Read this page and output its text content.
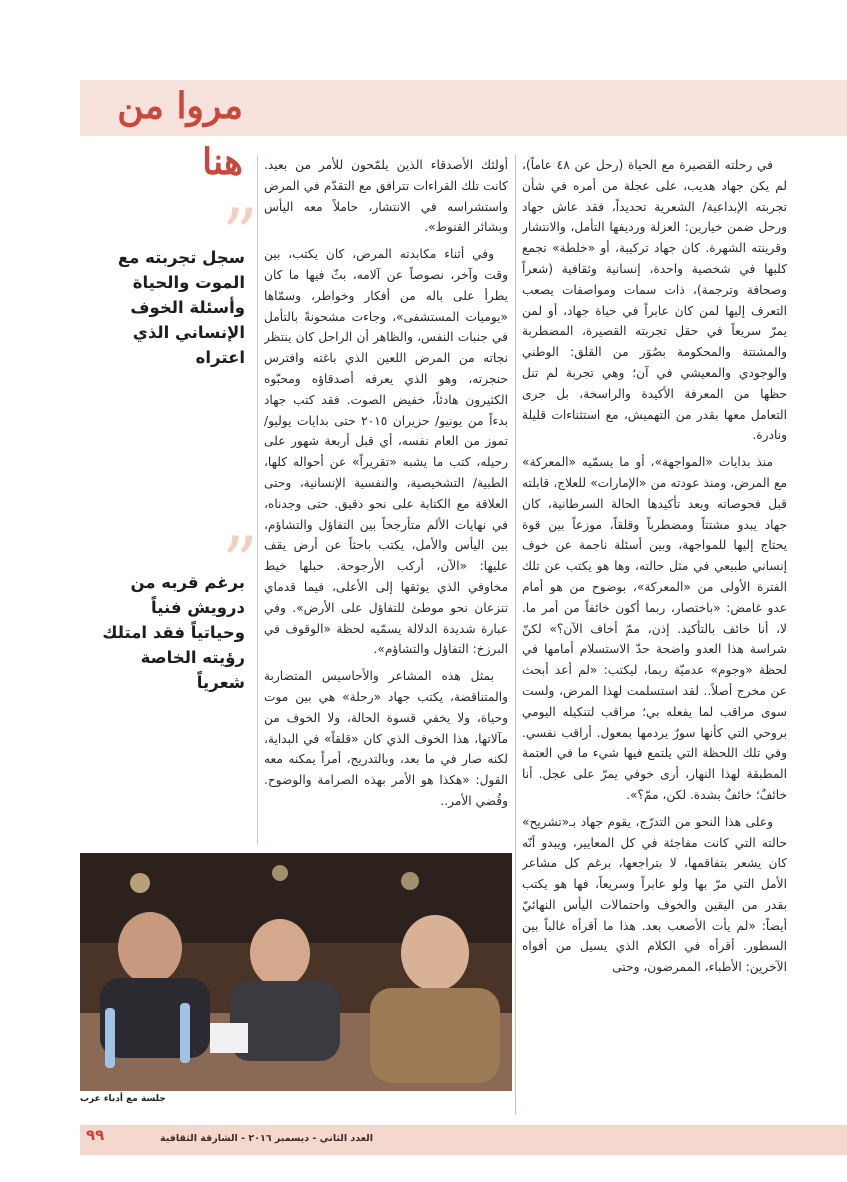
مروا من هنا	في رحلته القصيرة مع الحياة (رحل عن ٤٨ عاماً)، لم يكن جهاد هديب، على عجلة من أمره في شأن تجربته الإبداعية/ الشعرية تحديداً، فقد عاش جهاد ورحل ضمن خيارين: العزلة ورديفها التأمل، والانتشار وقرينته الشهرة. كان جهاد تركيبة، أو «خلطة» تجمع كلبها في شخصية واحدة، إنسانية وثقافية (شعراً وصحافة وترجمة)، ذات سمات ومواصفات يصعب التعرف إليها لمن كان عابراً في حياة جهاد، أو لمن يمرّ سريعاً في حقل تجربته القصيرة، المضطربة والمشتتة والمحكومة بصُوَر من القلق: الوطني والوجودي والمعيشي في آن؛ وهي تجربة لم تنل حظها من المعرفة الأكيدة والراسخة، بل جرى التعامل معها بقدر من التهميش، مع استثناءات قليلة ونادرة.

منذ بدايات «المواجهة»، أو ما يسمّيه «المعركة» مع المرض، ومنذ عودته من «الإمارات» للعلاج، قابلته قبل فحوصاته وبعد تأكيدها الحالة السرطانية، كان جهاد يبدو مشتتاً ومضطرباً وقلقاً، موزعاً بين قوة يحتاج إليها للمواجهة، وبين أسئلة ناجمة عن خوف إنساني طبيعي في مثل حالته، وها هو يكتب عن تلك الفترة الأولى من «المعركة»، بوضوح من هو أمام عدو غامض: «باختصار، ربما أكون خائفاً من أمر ما. لا، أنا خائف بالتأكيد. إذن، ممّ أخاف الآن؟» لكنّ شراسة هذا العدو واضحة حدّ الاستسلام أمامها في لحظة «وجوم» عدميّة ربما، ليكتب: «لم أعد أبحث عن مخرج أصلاً.. لقد استسلمت لهذا المرض، ولست سوى مراقب لما يفعله بي؛ مراقب لتنكيله اليومي بروحي التي كأنها سورٌ يردمها بمعول. أراقب نفسي. وفي تلك اللحظة التي يلتمع فيها شيء ما في العتمة المطبقة لهذا النهار، أرى خوفي يمرّ على عجل. أنا خائفٌ؛ خائفٌ بشدة. لكن، ممّ؟».

وعلى هذا النحو من التدرّج، يقوم جهاد بـ«تشريح» حالته التي كانت مفاجئة في كل المعايير، ويبدو أنّه كان يشعر بتفاقمها، لا بتراجعها، برغم كل مشاعر الأمل التي مرّ بها ولو عابراً وسريعاً، فها هو يكتب بقدر من اليقين والخوف واحتمالات اليأس النهائيّ أيضاً: «لم يأت الأصعب بعد. هذا ما أقرأه غالباً بين السطور. أقرأه في الكلام الذي يسيل من أفواه الآخرين: الأطباء، الممرضون، وحتى

أولئك الأصدقاء الذين يلمّحون للأمر من بعيد. كانت تلك القراءات تترافق مع التقدّم في المرض واستشراسه في الانتشار، حاملاً معه اليأس وبشائر القنوط».

وفي أثناء مكابدته المرض، كان يكتب، بين وقت وآخر، نصوصاً عن آلامه، بثّ فيها ما كان يطرأ على باله من أفكار وخواطر، وسمّاها «يوميات المستشفى»، وجاءت مشحونةً بالتأمل في جنبات النفس، والظاهر أن الراحل كان ينتظر نجاته من المرض اللعين الذي باغته وافترس حنجرته، وهو الذي يعرفه أصدقاؤه ومحبّوه الكثيرون هادئاً، خفيض الصوت. فقد كتب جهاد بدءاً من يونيو/ حزيران ٢٠١٥ حتى بدايات يوليو/ تموز من العام نفسه، أي قبل أربعة شهور على رحيله، كتب ما يشبه «تقريراً» عن أحواله كلها، الطبية/ التشخيصية، والنفسية الإنسانية، وحتى العلاقة مع الكتابة على نحو دقيق. حتى وجدناه، في نهايات الألم متأرجحاً بين التفاؤل والتشاؤم، بين اليأس والأمل، يكتب باحثاً عن أرض يقف عليها: «الآن، أركب الأرجوحة. حبلها خيط مخاوفي الذي يوثقها إلى الأعلى، فيما قدماي تنزعان نحو موطئ للتفاؤل على الأرض». وفي عبارة شديدة الدلالة يسمّيه لحظة «الوقوف في البرزخ: التفاؤل والتشاؤم».

بمثل هذه المشاعر والأحاسيس المتضاربة والمتناقضة، يكتب جهاد «رحلة» هي بين موت وحياة، ولا يخفي قسوة الحالة، ولا الخوف من مآلاتها، هذا الخوف الذي كان «قلقاً» في البداية، لكنه صار في ما بعد، وبالتدريج، أمراً يمكنه معه القول: «هكذا هو الأمر بهذه الصرامة والوضوح. وقُضي الأمر..

”
سجل تجربته مع الموت والحياة وأسئلة الخوف الإنساني الذي اعتراه
”
برغم قربه من درويش فنياً وحياتياً فقد امتلك رؤيته الخاصة شعرياً
جلسة مع أدباء عرب
العدد الثاني - ديسمبر ٢٠١٦ - الشارقة الثقافية
٩٩
